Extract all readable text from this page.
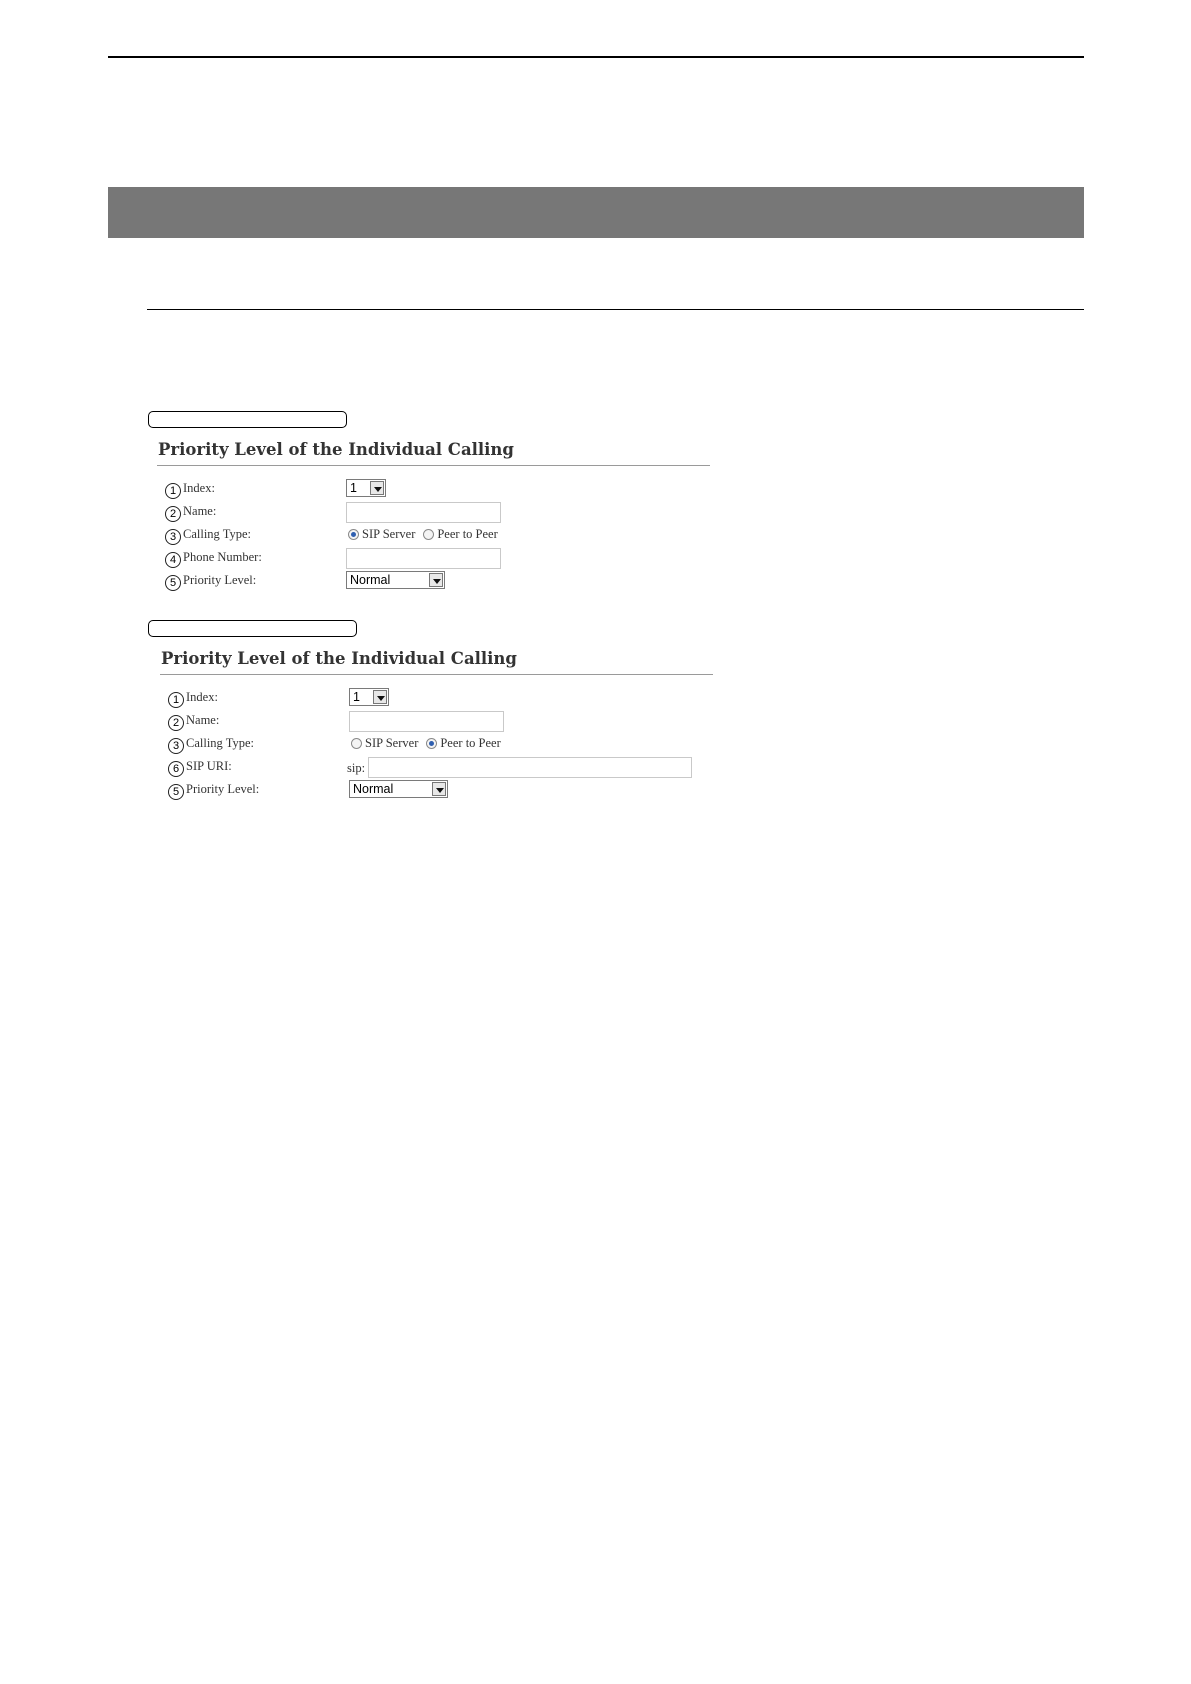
Priority Level of the Individual Calling
1 Index:	1
2 Name:
3 Calling Type:	SIP Server Peer to Peer
4 Phone Number:
5 Priority Level:	Normal
Priority Level of the Individual Calling
1 Index:	1
2 Name:
3 Calling Type:	SIP Server Peer to Peer
6 SIP URI:	sip:
5 Priority Level:	Normal
